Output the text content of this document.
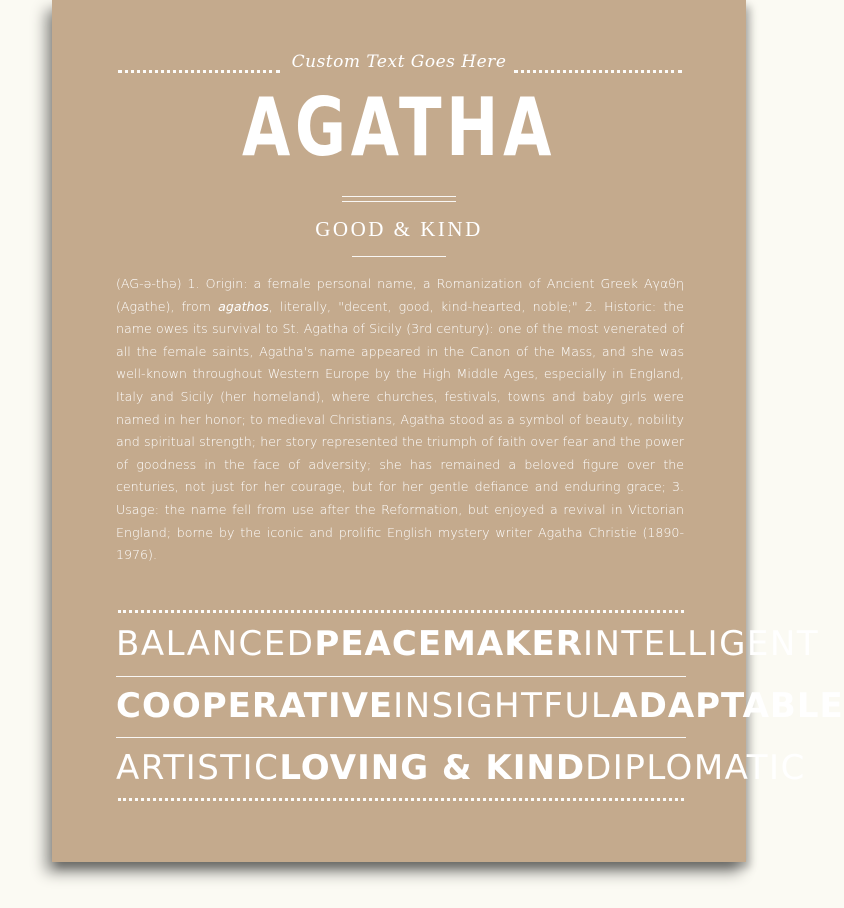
Custom Text Goes Here
AGATHA
GOOD & KIND
(AG-ə-thə) 1. Origin: a female personal name, a Romanization of Ancient Greek Αγαθη (Agathe), from agathos, literally, "decent, good, kind-hearted, noble;" 2. Historic: the name owes its survival to St. Agatha of Sicily (3rd century): one of the most venerated of all the female saints, Agatha's name appeared in the Canon of the Mass, and she was well-known throughout Western Europe by the High Middle Ages, especially in England, Italy and Sicily (her homeland), where churches, festivals, towns and baby girls were named in her honor; to medieval Christians, Agatha stood as a symbol of beauty, nobility and spiritual strength; her story represented the triumph of faith over fear and the power of goodness in the face of adversity; she has remained a beloved figure over the centuries, not just for her courage, but for her gentle defiance and enduring grace; 3. Usage: the name fell from use after the Reformation, but enjoyed a revival in Victorian England; borne by the iconic and prolific English mystery writer Agatha Christie (1890-1976).
BALANCED PEACEMAKER INTELLIGENT
COOPERATIVE INSIGHTFUL ADAPTABLE
ARTISTIC LOVING & KIND DIPLOMATIC
